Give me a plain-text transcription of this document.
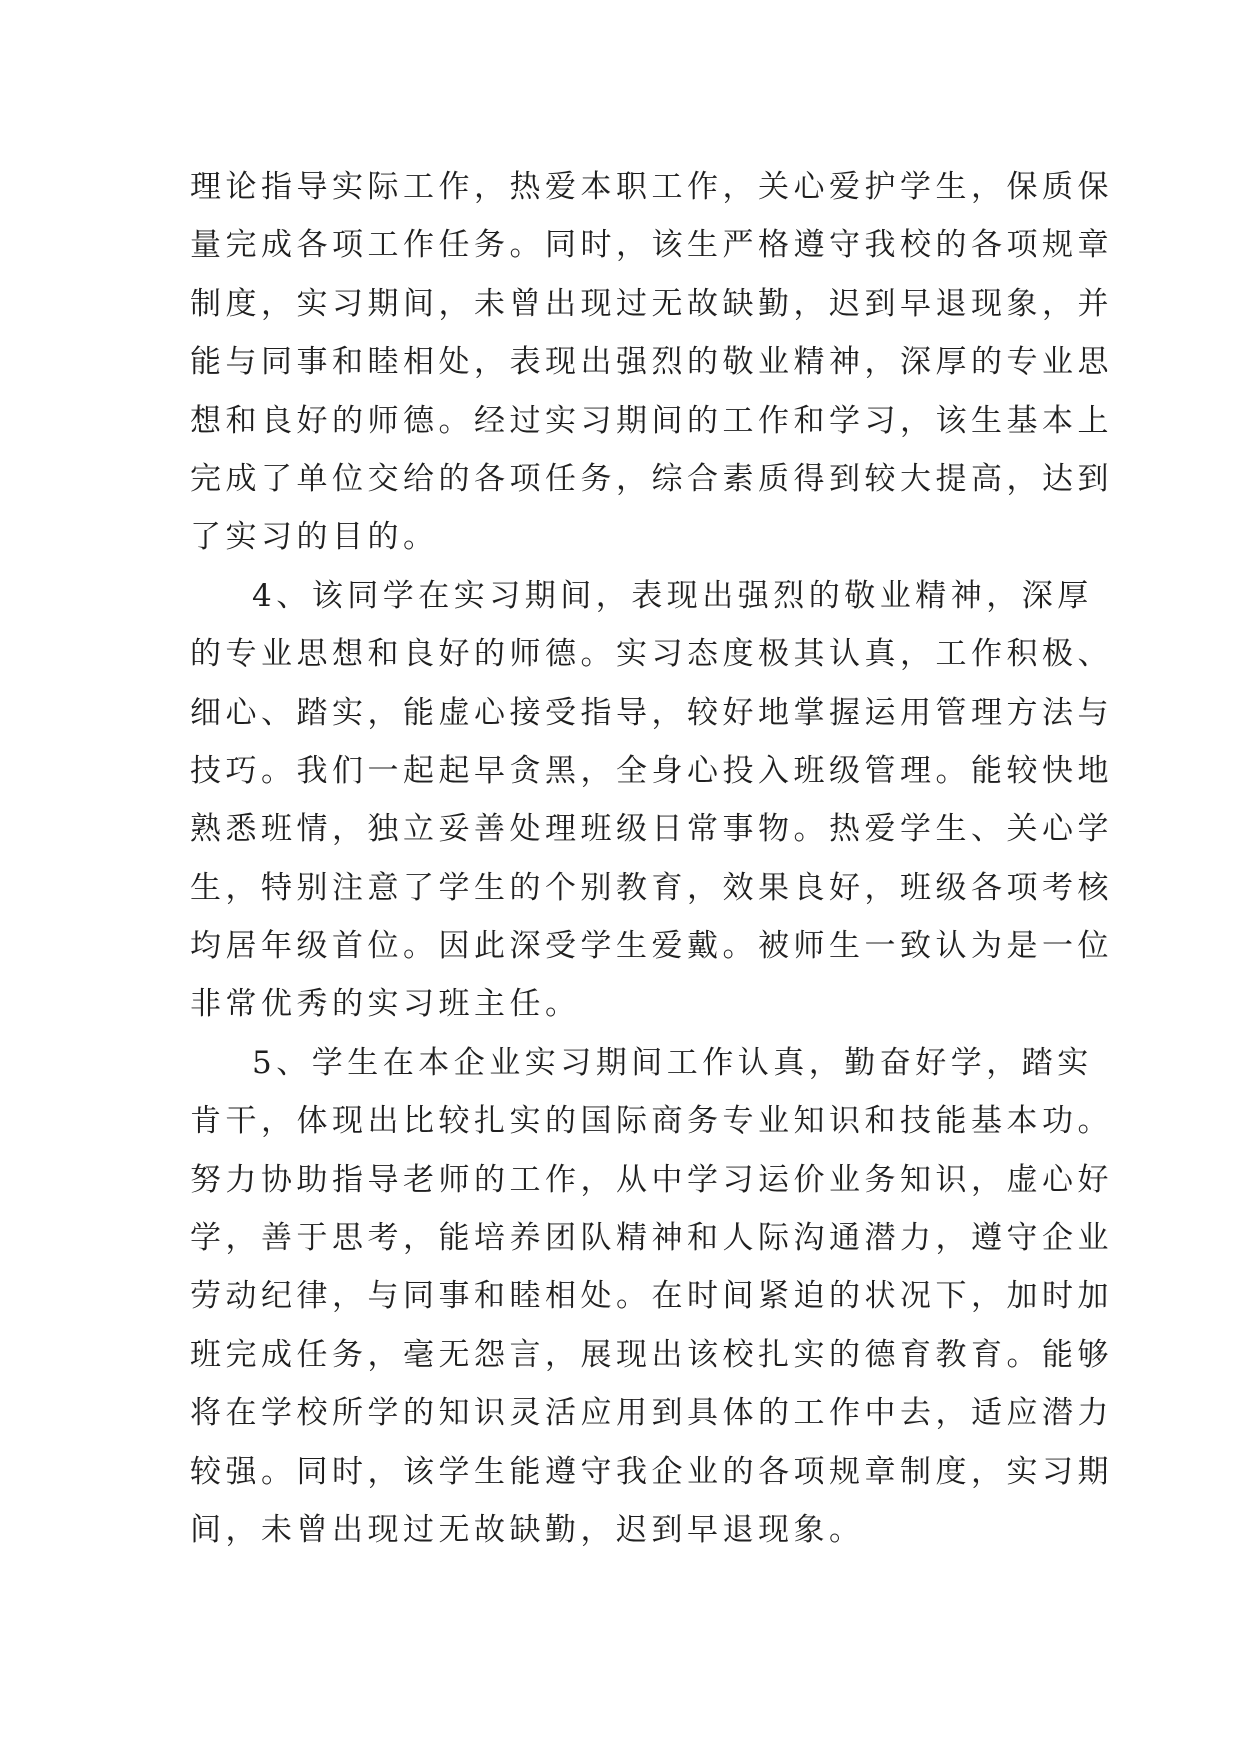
理论指导实际工作，热爱本职工作，关心爱护学生，保质保

量完成各项工作任务。同时，该生严格遵守我校的各项规章

制度，实习期间，未曾出现过无故缺勤，迟到早退现象，并

能与同事和睦相处，表现出强烈的敬业精神，深厚的专业思

想和良好的师德。经过实习期间的工作和学习，该生基本上

完成了单位交给的各项任务，综合素质得到较大提高，达到

了实习的目的。

4、该同学在实习期间，表现出强烈的敬业精神，深厚

的专业思想和良好的师德。实习态度极其认真，工作积极、

细心、踏实，能虚心接受指导，较好地掌握运用管理方法与

技巧。我们一起起早贪黑，全身心投入班级管理。能较快地

熟悉班情，独立妥善处理班级日常事物。热爱学生、关心学

生，特别注意了学生的个别教育，效果良好，班级各项考核

均居年级首位。因此深受学生爱戴。被师生一致认为是一位

非常优秀的实习班主任。

5、学生在本企业实习期间工作认真，勤奋好学，踏实

肯干，体现出比较扎实的国际商务专业知识和技能基本功。

努力协助指导老师的工作，从中学习运价业务知识，虚心好

学，善于思考，能培养团队精神和人际沟通潜力，遵守企业

劳动纪律，与同事和睦相处。在时间紧迫的状况下，加时加

班完成任务，毫无怨言，展现出该校扎实的德育教育。能够

将在学校所学的知识灵活应用到具体的工作中去，适应潜力

较强。同时，该学生能遵守我企业的各项规章制度，实习期

间，未曾出现过无故缺勤，迟到早退现象。
